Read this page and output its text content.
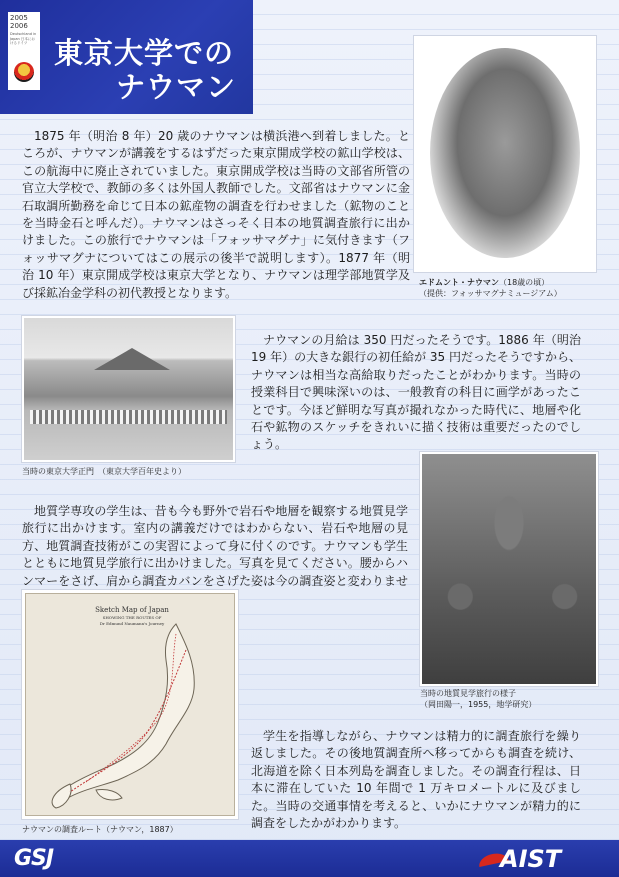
2005
2006
Deutschland in Japan 日本におけるドイツ 東京大学での
ナウマン

1875 年（明治 8 年）20 歳のナウマンは横浜港へ到着しました。ところが、ナウマンが講義をするはずだった東京開成学校の鉱山学校は、この航海中に廃止されていました。東京開成学校は当時の文部省所管の官立大学校で、教師の多くは外国人教師でした。文部省はナウマンに金石取調所勤務を命じて日本の鉱産物の調査を行わせました（鉱物のことを当時金石と呼んだ）。ナウマンはさっそく日本の地質調査旅行に出かけました。この旅行でナウマンは「フォッサマグナ」に気付きます（フォッサマグナについてはこの展示の後半で説明します）。1877 年（明治 10 年）東京開成学校は東京大学となり、ナウマンは理学部地質学及び採鉱冶金学科の初代教授となります。

エドムント・ナウマン（18歳の頃）
（提供：フォッサマグナミュージアム）

当時の東京大学正門　（東京大学百年史より）

ナウマンの月給は 350 円だったそうです。1886 年（明治 19 年）の大きな銀行の初任給が 35 円だったそうですから、ナウマンは相当な高給取りだったことがわかります。当時の授業科目で興味深いのは、一般教育の科目に画学があったことです。今ほど鮮明な写真が撮れなかった時代に、地層や化石や鉱物のスケッチをきれいに描く技術は重要だったのでしょう。

当時の地質見学旅行の様子
（岡田陽一，1955，地学研究）

地質学専攻の学生は、昔も今も野外で岩石や地層を観察する地質見学旅行に出かけます。室内の講義だけではわからない、岩石や地層の見方、地質調査技術がこの実習によって身に付くのです。ナウマンも学生とともに地質見学旅行に出かけました。写真を見てください。腰からハンマーをさげ、肩から調査カバンをさげた姿は今の調査姿と変わりませ

Sketch Map of Japan
SHOWING THE ROUTES OF
Dr Edmund Naumann's Journey

ナウマンの調査ルート（ナウマン，1887）

学生を指導しながら、ナウマンは精力的に調査旅行を繰り返しました。その後地質調査所へ移ってからも調査を続け、北海道を除く日本列島を調査しました。その調査行程は、日本に滞在していた 10 年間で 1 万キロメートルに及びました。当時の交通事情を考えると、いかにナウマンが精力的に調査をしたかがわかります。

GSJ	AIST
